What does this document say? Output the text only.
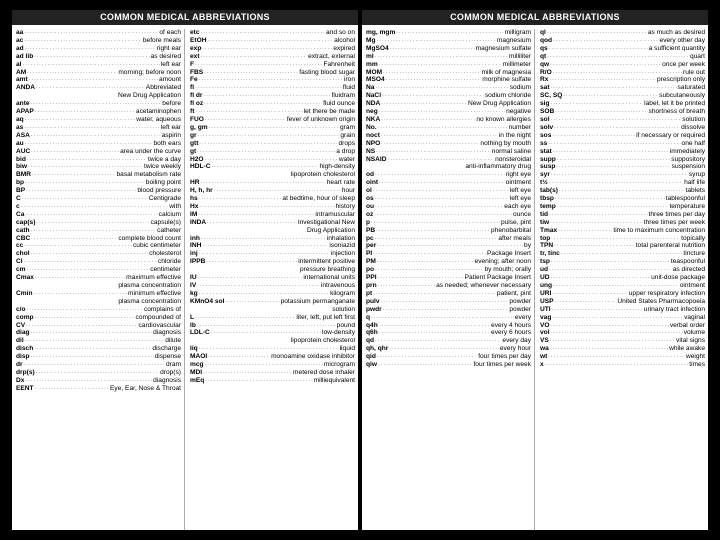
COMMON MEDICAL ABBREVIATIONS
aa .....	of each
ac .....	before meals
ad .....	right ear
ad lib .....	as desired
al .....	left ear
AM .....	morning; before noon
amt .....	amount
ANDA .....	Abbreviated
New Drug Application
ante .....	before
APAP .....	acetaminophen
aq .....	water, aqueous
as .....	left ear
ASA .....	aspirin
au .....	both ears
AUC .....	area under the curve
bid .....	twice a day
biw .....	twice weekly
BMR .....	basal metabolism rate
bp .....	boiling point
BP .....	blood pressure
C .....	Centigrade
c .....	with
Ca .....	calcium
cap(s) .....	capsule(s)
cath .....	catheter
CBC .....	complete blood count
cc .....	cubic centimeter
chol .....	cholesterol
Cl .....	chloride
cm .....	centimeter
Cmax .....	maximum effective
plasma concentration
Cmin .....	minimum effective
plasma concentration
c/o .....	complains of
comp .....	compounded of
CV .....	cardiovascular
diag .....	diagnosis
dil .....	dilute
disch .....	discharge
disp .....	dispense
dr .....	dram
drp(s) .....	drop(s)
Dx .....	diagnosis
EENT .....	Eye, Ear, Nose & Throat
etc .....	and so on
EtOH .....	alcohol
exp .....	expired
ext .....	extract, external
F .....	Fahrenheit
FBS .....	fasting blood sugar
Fe .....	iron
fl .....	fluid
fl dr .....	fluidram
fl oz .....	fluid ounce
ft .....	let there be made
FUO .....	fever of unknown origin
g, gm .....	gram
gr .....	grain
gtt .....	drops
gt .....	a drop
H2O .....	water
HDL-C .....	high-density
lipoprotein cholesterol
HR .....	heart rate
H, h, hr .....	hour
hs .....	at bedtime, hour of sleep
Hx .....	history
IM .....	intramuscular
INDA .....	Investigational New
Drug Application
inh .....	inhalation
INH .....	isoniazid
inj .....	injection
IPPB .....	intermittent positive
pressure breathing
IU .....	international units
IV .....	intravenous
kg .....	kilogram
KMnO4 sol .....	potassium permanganate
solution
L .....	liter, left, put left first
lb .....	pound
LDL-C .....	low-density
lipoprotein cholesterol
liq .....	liquid
MAOI .....	monoamine oxidase inhibitor
mcg .....	microgram
MDI .....	metered dose inhaler
mEq .....	milliequivalent
COMMON MEDICAL ABBREVIATIONS
mg, mgm .....	milligram
Mg .....	magnesium
MgSO4 .....	magnesium sulfate
ml .....	milliliter
mm .....	millimeter
MOM .....	milk of magnesia
MSO4 .....	morphine sulfate
Na .....	sodium
NaCl .....	sodium chloride
NDA .....	New Drug Application
neg .....	negative
NKA .....	no known allergies
No. .....	number
noct .....	in the night
NPO .....	nothing by mouth
NS .....	normal saline
NSAID .....	nonsteroidal
anti-inflammatory drug
od .....	right eye
oint .....	ointment
ol .....	left eye
os .....	left eye
ou .....	each eye
oz .....	ounce
p .....	pulse, pint
PB .....	phenobarbital
pc .....	after meals
per .....	by
PI .....	Package Insert
PM .....	evening; after noon
po .....	by mouth; orally
PPI .....	Patient Package Insert
prn .....	as needed; whenever necessary
pt .....	patient, pint
pulv .....	powder
pwdr .....	powder
q .....	every
q4h .....	every 4 hours
q6h .....	every 6 hours
qd .....	every day
qh, qhr .....	every hour
qid .....	four times per day
qiw .....	four times per week
ql .....	as much as desired
qod .....	every other day
qs .....	a sufficient quantity
qt .....	quart
qw .....	once per week
R/O .....	rule out
Rx .....	prescription only
sat .....	saturated
SC, SQ .....	subcutaneously
sig .....	label, let it be printed
SOB .....	shortness of breath
sol .....	solution
solv .....	dissolve
sos .....	if necessary or required
ss .....	one half
stat .....	immediately
supp .....	suppository
susp .....	suspension
syr .....	syrup
t½ .....	half life
tab(s) .....	tablets
tbsp .....	tablespoonful
temp .....	temperature
tid .....	three times per day
tiw .....	three times per week
Tmax .....	time to maximum concentration
top .....	topically
TPN .....	total parenteral nutrition
tr, tinc .....	tincture
tsp .....	teaspoonful
ud .....	as directed
UD .....	unit-dose package
ung .....	ointment
URI .....	upper respiratory infection
USP .....	United States Pharmacopoeia
UTI .....	urinary tract infection
vag .....	vaginal
VO .....	verbal order
vol .....	volume
VS .....	vital signs
wa .....	while awake
wt .....	weight
x .....	times
